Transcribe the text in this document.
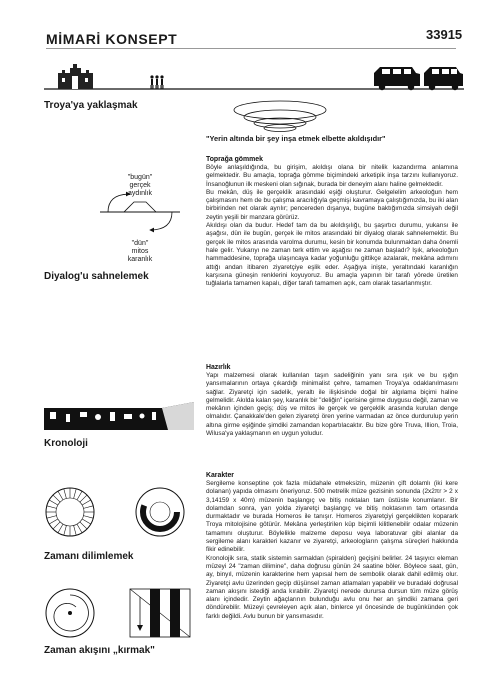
MİMARİ KONSEPT	33915
Troya'ya yaklaşmak
"Yerin altında bir şey inşa etmek elbette akıldışıdır"
"bugün"
gerçek
aydınlık
"dün"
mitos
karanlık
Diyalog'u sahnelemek
Kronoloji
Zamanı dilimlemek
Zaman akışını „kırmak"
Toprağa gömmek

Böyle anlaşıldığında, bu girişim, akıldışı olana bir nitelik kazandırma anlamına gelmektedir. Bu amaçla, toprağa gömme biçimindeki arketipik inşa tarzını kullanıyoruz. İnsanoğlunun ilk meskeni olan sığınak, burada bir deneyim alanı haline gelmektedir.

Bu mekân, düş ile gerçeklik arasındaki eşiği oluşturur. Gelgelelim arkeoloğun hem çalışmasını hem de bu çalışma aracılığıyla geçmişi kavramaya çalıştığımızda, bu iki alan birbirinden net olarak ayrılır; pencereden dışarıya, bugüne baktığımızda simsiyah değil zeytin yeşili bir manzara görürüz.

Akıldışı olan da budur. Hedef tam da bu akıldışılığı, bu şaşırtıcı durumu, yukarısı ile aşağısı, dün ile bugün, gerçek ile mitos arasındaki bir diyalog olarak sahnelemektir. Bu gerçek ile mitos arasında varolma durumu, kesin bir konumda bulunmaktan daha önemli hale gelir. Yukarıyı ne zaman terk ettim ve aşağısı ne zaman başladı? Işık, arkeoloğun hammaddesine, toprağa ulaşıncaya kadar yoğunluğu gittikçe azalarak, mekâna adımını attığı andan itibaren ziyaretçiye eşlik eder. Aşağıya inişte, yeraltındaki karanlığın karşısına güneşin renklerini koyuyoruz. Bu amaçla yapının bir tarafı yörede üretilen tuğlalarla tamamen kapalı, diğer tarafı tamamen açık, cam olarak tasarlanmıştır.

Hazırlık

Yapı malzemesi olarak kullanılan taşın sadeliğinin yanı sıra ışık ve bu ışığın yansımalarının ortaya çıkardığı minimalist çehre, tamamen Troya'ya odaklanılmasını sağlar. Ziyaretçi için sadelik, yeraltı ile ilişkisinde doğal bir algılama biçimi haline gelmelidir. Akılda kalan şey, karanlık bir "deliğin" içerisine girme duygusu değil, zaman ve mekânın içinden geçiş; düş ve mitos ile gerçek ve gerçeklik arasında kurulan denge olmalıdır. Çanakkale'den gelen ziyaretçi ören yerine varmadan az önce durdurulup yerin altına girme eşiğinde şimdiki zamandan kopartılacaktır. Bu bize göre Truva, Illion, Troia, Wilusa'ya yaklaşmanın en uygun yoludur.

Karakter

Sergileme konseptine çok fazla müdahale etmeksizin, müzenin çift dolamlı (iki kere dolanan) yapıda olmasını öneriyoruz. 500 metrelik müze gezisinin sonunda (2x2πr > 2 x 3,14159 x 40m) müzenin başlangıç ve bitiş noktaları tam üstüste konumlanır. Bir dolamdan sonra, yarı yolda ziyaretçi başlangıç ve bitiş noktasının tam ortasında durmaktadır ve burada Homeros ile tanışır. Homeros ziyaretçiyi gerçeklikten koparark Troya mitolojisine götürür. Mekâna yerleştirilen küp biçimli kilitlenebilir odalar müzenin tamamını oluşturur. Böylelikle malzeme deposu veya laboratuvar gibi alanlar da sergileme alanı karakteri kazanır ve ziyaretçi, arkeologların çalışma süreçleri hakkında fikir edinebilir.

Kronolojik sıra, statik sistemin sarmaldan (spiralden) geçişini belirler. 24 taşıyıcı eleman müzeyi 24 "zaman dilimine", daha doğrusu günün 24 saatine böler. Böylece saat, gün, ay, binyıl, müzenin karakterine hem yapısal hem de sembolik olarak dahil edilmiş olur. Ziyaretçi avlu üzerinden geçip düşünsel zaman atlamaları yapabilir ve buradaki doğrusal zaman akışını istediği anda kırabilir. Ziyaretçi nerede durursa dursun tüm müze görüş alanı içindedir. Zeytin ağaçlarının bulunduğu avlu onu her an şimdiki zamana geri döndürebilir. Müzeyi çevreleyen açık alan, binlerce yıl öncesinde de bugünkünden çok farklı değildi. Avlu bunun bir yansımasıdır.
